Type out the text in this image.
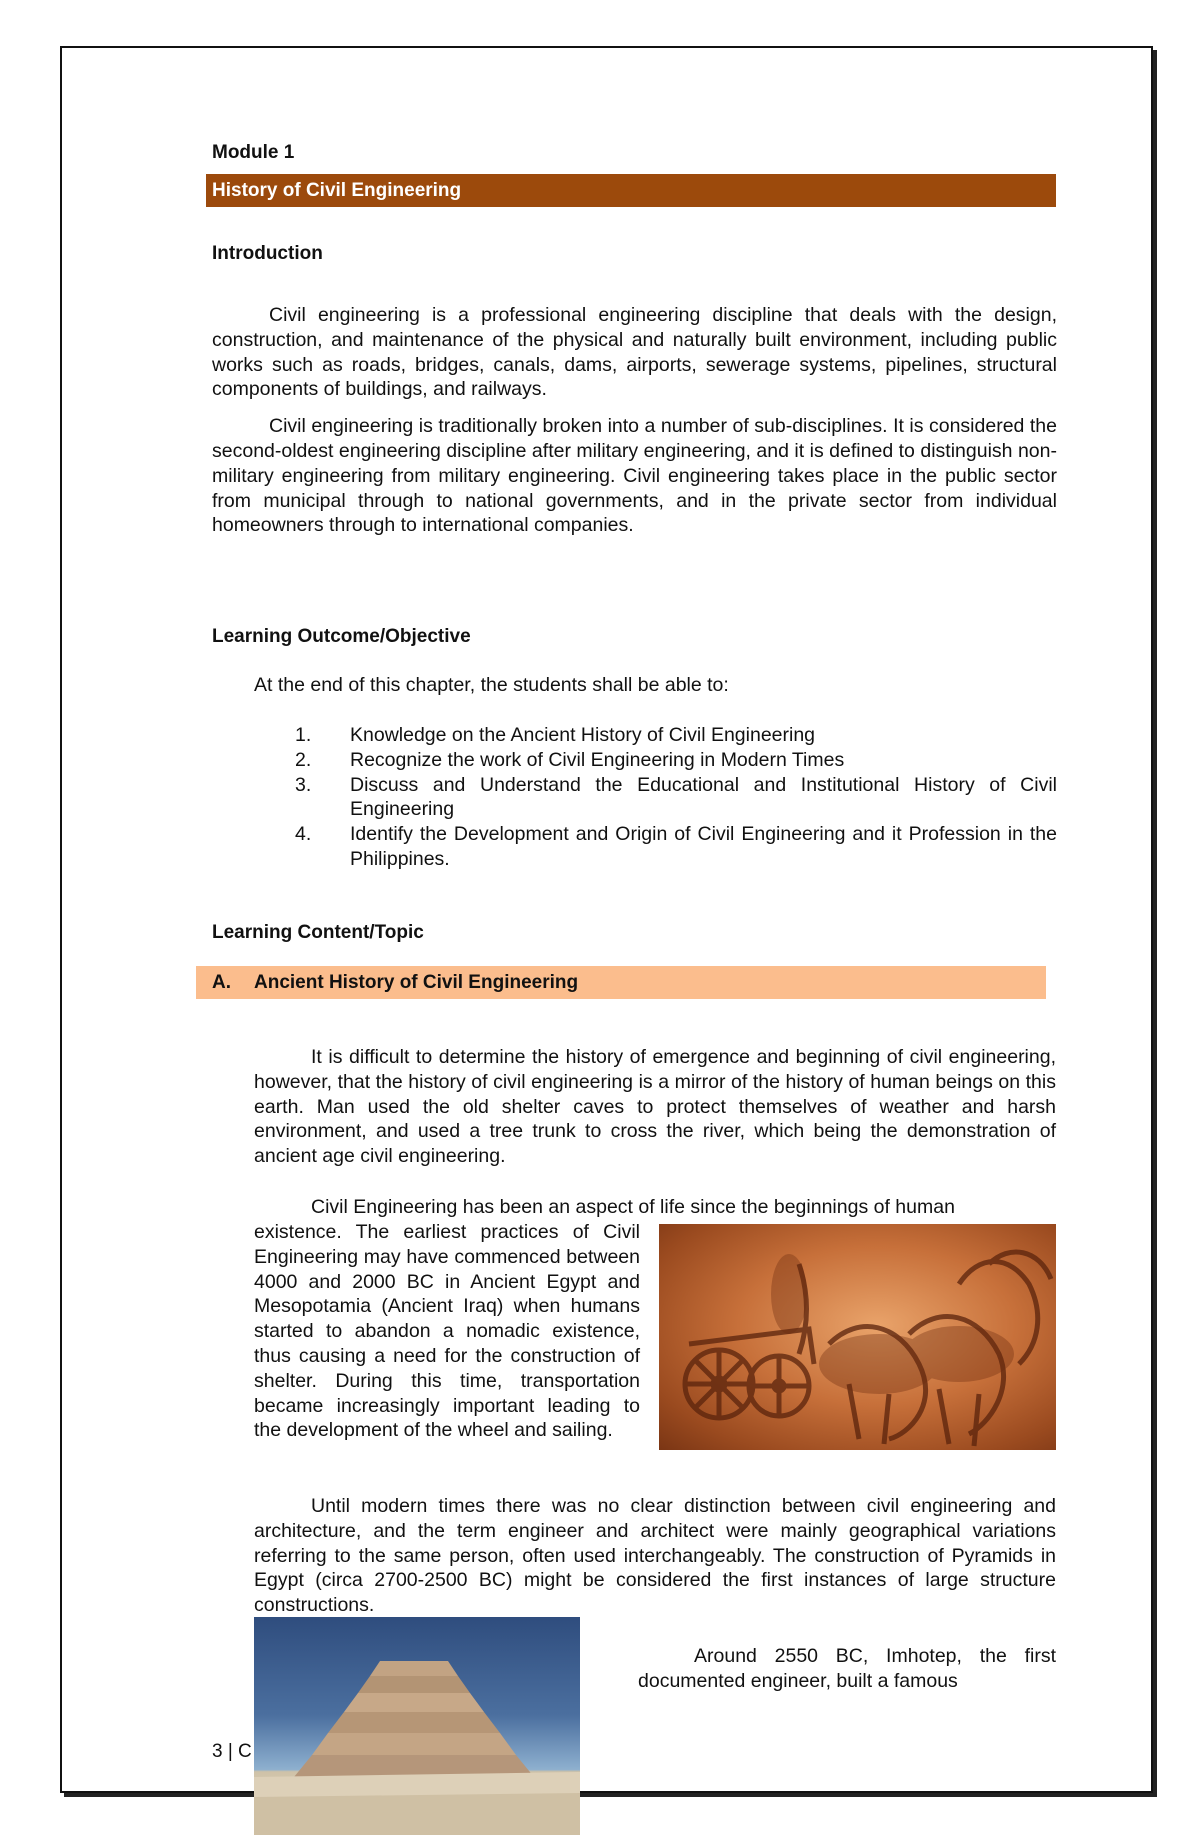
Module 1

History of Civil Engineering

Introduction

Civil engineering is a professional engineering discipline that deals with the design, construction, and maintenance of the physical and naturally built environment, including public works such as roads, bridges, canals, dams, airports, sewerage systems, pipelines, structural components of buildings, and railways.

Civil engineering is traditionally broken into a number of sub-disciplines. It is considered the second-oldest engineering discipline after military engineering, and it is defined to distinguish non-military engineering from military engineering. Civil engineering takes place in the public sector from municipal through to national governments, and in the private sector from individual homeowners through to international companies.

Learning Outcome/Objective

At the end of this chapter, the students shall be able to:

1. Knowledge on the Ancient History of Civil Engineering
2. Recognize the work of Civil Engineering in Modern Times
3. Discuss and Understand the Educational and Institutional History of Civil Engineering
4. Identify the Development and Origin of Civil Engineering and it Profession in the Philippines.

Learning Content/Topic

A. Ancient History of Civil Engineering

It is difficult to determine the history of emergence and beginning of civil engineering, however, that the history of civil engineering is a mirror of the history of human beings on this earth. Man used the old shelter caves to protect themselves of weather and harsh environment, and used a tree trunk to cross the river, which being the demonstration of ancient age civil engineering.

Civil Engineering has been an aspect of life since the beginnings of human

existence. The earliest practices of Civil Engineering may have commenced between 4000 and 2000 BC in Ancient Egypt and Mesopotamia (Ancient Iraq) when humans started to abandon a nomadic existence, thus causing a need for the construction of shelter. During this time, transportation became increasingly important leading to the development of the wheel and sailing.

Until modern times there was no clear distinction between civil engineering and architecture, and the term engineer and architect were mainly geographical variations referring to the same person, often used interchangeably. The construction of Pyramids in Egypt (circa 2700-2500 BC) might be considered the first instances of large structure constructions.

Around 2550 BC, Imhotep, the first documented engineer, built a famous

3 | C
